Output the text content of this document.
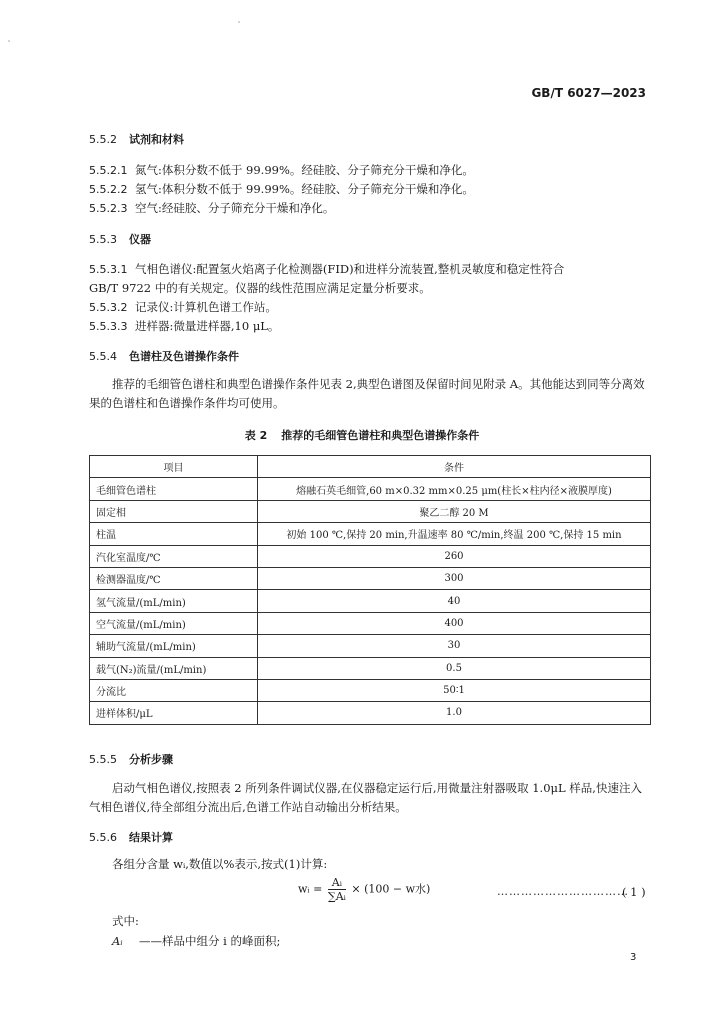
GB/T 6027—2023
5.5.2 试剂和材料
5.5.2.1 氮气:体积分数不低于 99.99%。经硅胶、分子筛充分干燥和净化。
5.5.2.2 氢气:体积分数不低于 99.99%。经硅胶、分子筛充分干燥和净化。
5.5.2.3 空气:经硅胶、分子筛充分干燥和净化。
5.5.3 仪器
5.5.3.1 气相色谱仪:配置氢火焰离子化检测器(FID)和进样分流装置,整机灵敏度和稳定性符合
GB/T 9722 中的有关规定。仪器的线性范围应满足定量分析要求。
5.5.3.2 记录仪:计算机色谱工作站。
5.5.3.3 进样器:微量进样器,10 μL。
5.5.4 色谱柱及色谱操作条件
推荐的毛细管色谱柱和典型色谱操作条件见表 2,典型色谱图及保留时间见附录 A。其他能达到同等分离效果的色谱柱和色谱操作条件均可使用。
表 2 推荐的毛细管色谱柱和典型色谱操作条件
项目	条件
毛细管色谱柱	熔融石英毛细管,60 m×0.32 mm×0.25 μm(柱长×柱内径×液膜厚度)
固定相	聚乙二醇 20 M
柱温	初始 100 ℃,保持 20 min,升温速率 80 ℃/min,终温 200 ℃,保持 15 min
汽化室温度/℃	260
检测器温度/℃	300
氢气流量/(mL/min)	40
空气流量/(mL/min)	400
辅助气流量/(mL/min)	30
载气(N₂)流量/(mL/min)	0.5
分流比	50∶1
进样体积/μL	1.0
5.5.5 分析步骤
启动气相色谱仪,按照表 2 所列条件调试仪器,在仪器稳定运行后,用微量注射器吸取 1.0μL 样品,快速注入气相色谱仪,待全部组分流出后,色谱工作站自动输出分析结果。
5.5.6 结果计算
各组分含量 wᵢ,数值以%表示,按式(1)计算:
wᵢ = $\frac{\text{Aᵢ}}{\text{∑Aᵢ}} \times (100 - w$水)	……………………………
( 1 )
式中:
Aᵢ ——样品中组分 i 的峰面积;
3
